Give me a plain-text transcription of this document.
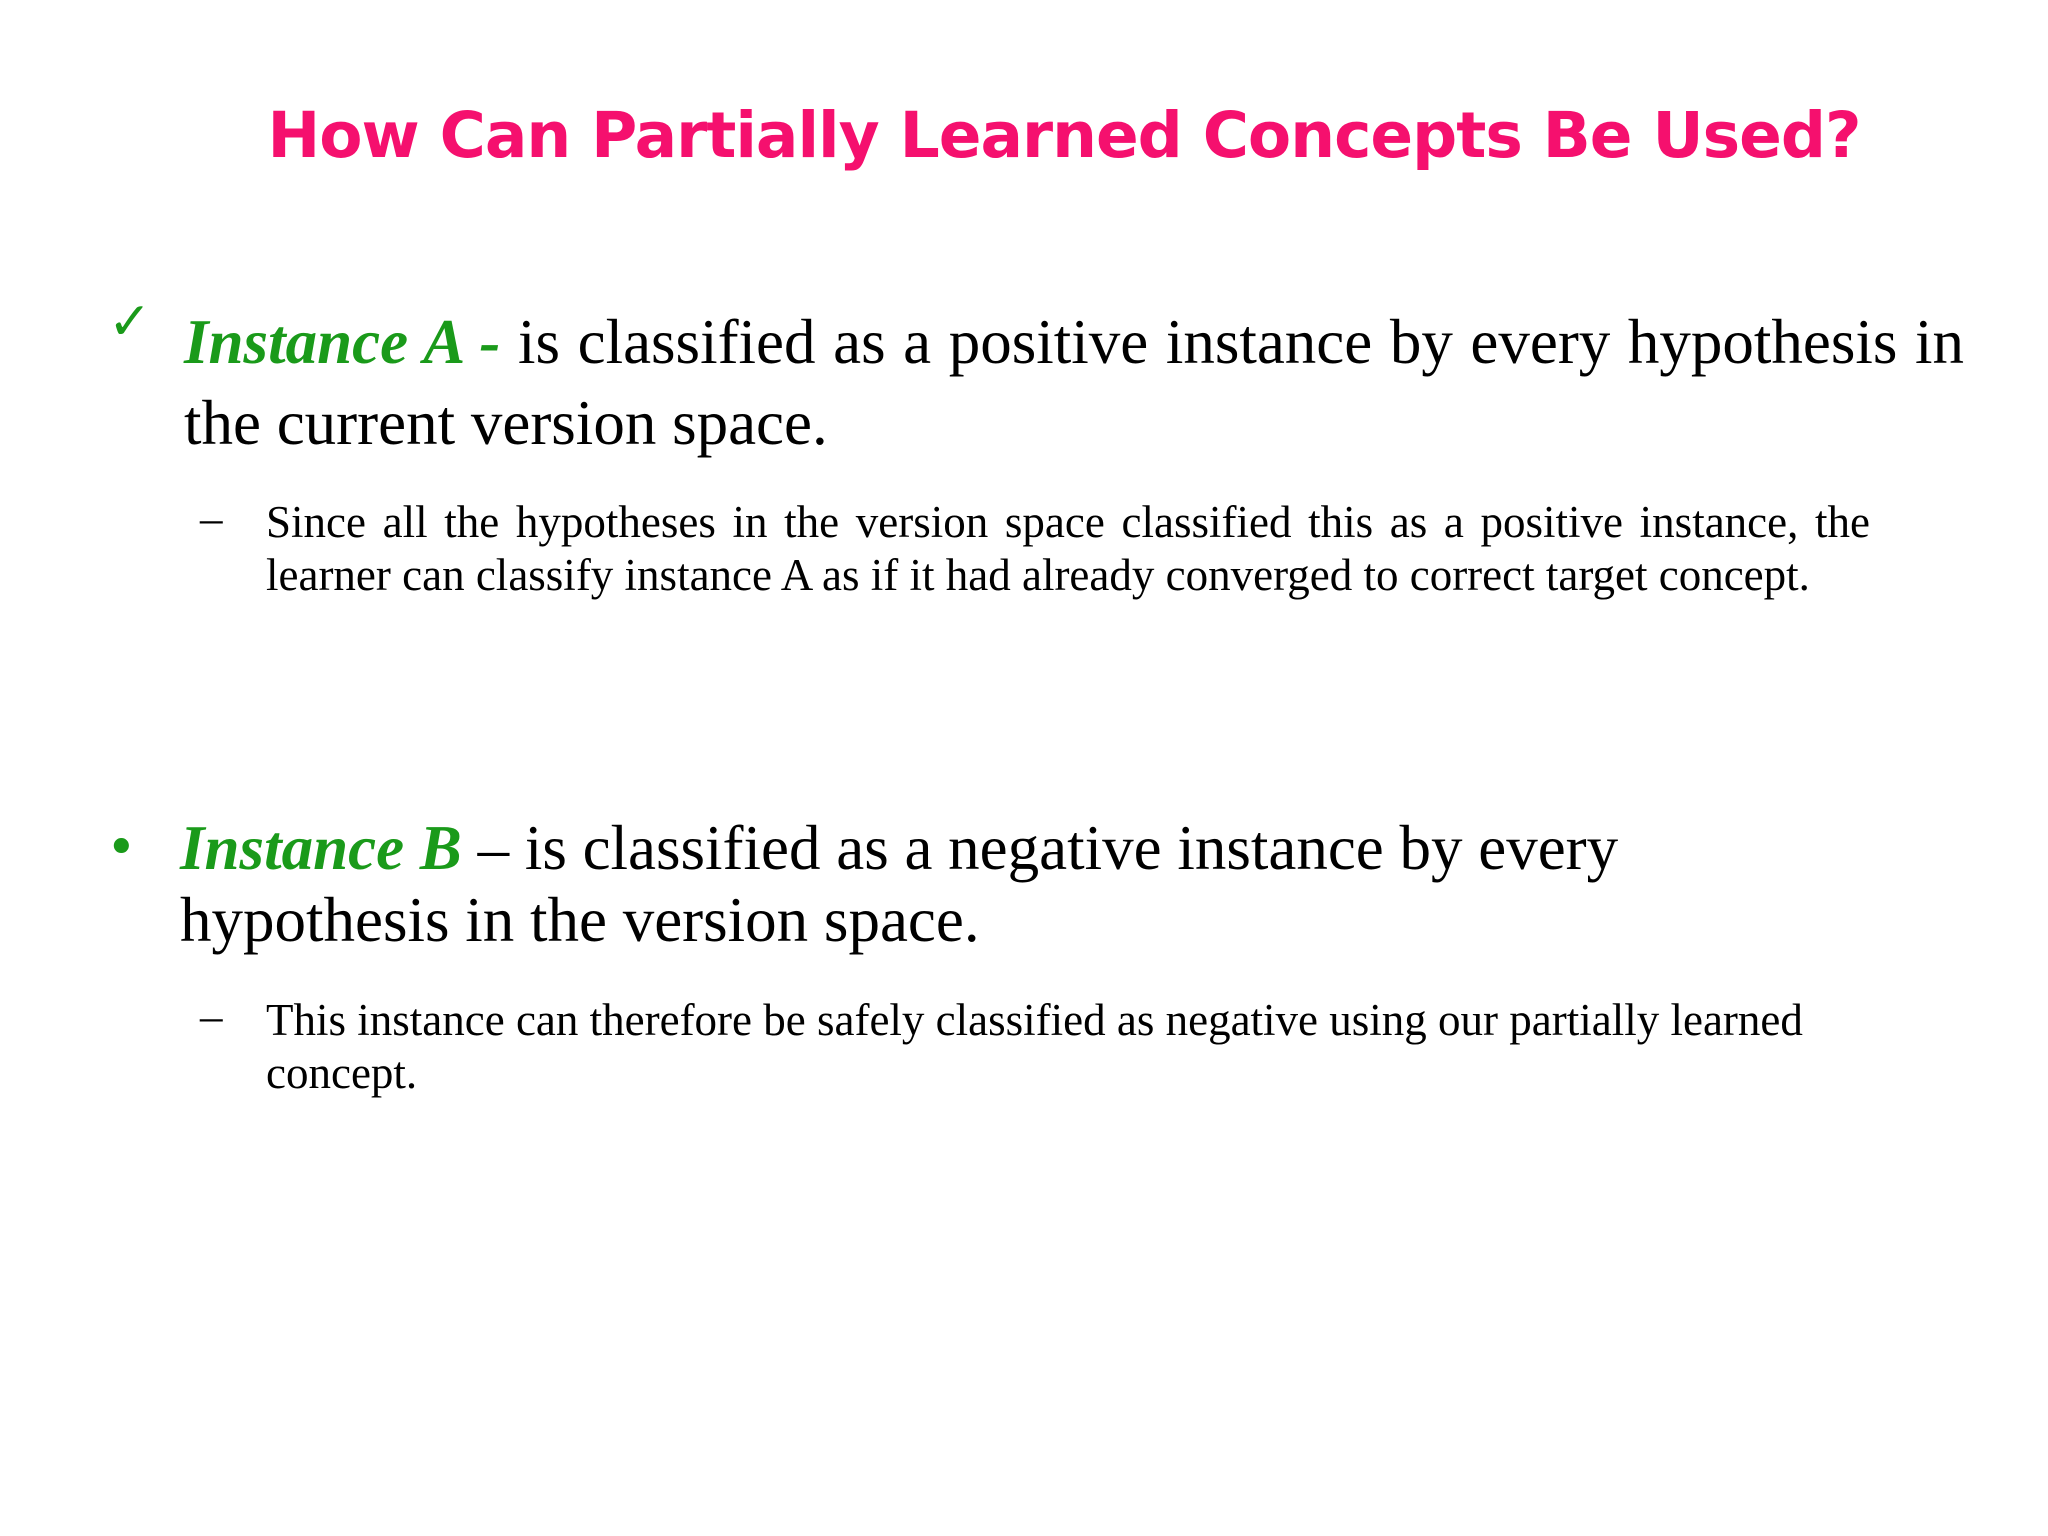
How Can Partially Learned Concepts Be Used?
✓ Instance A - is classified as a positive instance by every hypothesis in the current version space.
– Since all the hypotheses in the version space classified this as a positive instance, the learner can classify instance A as if it had already converged to correct target concept.
• Instance B – is classified as a negative instance by every hypothesis in the version space.
– This instance can therefore be safely classified as negative using our partially learned concept.
